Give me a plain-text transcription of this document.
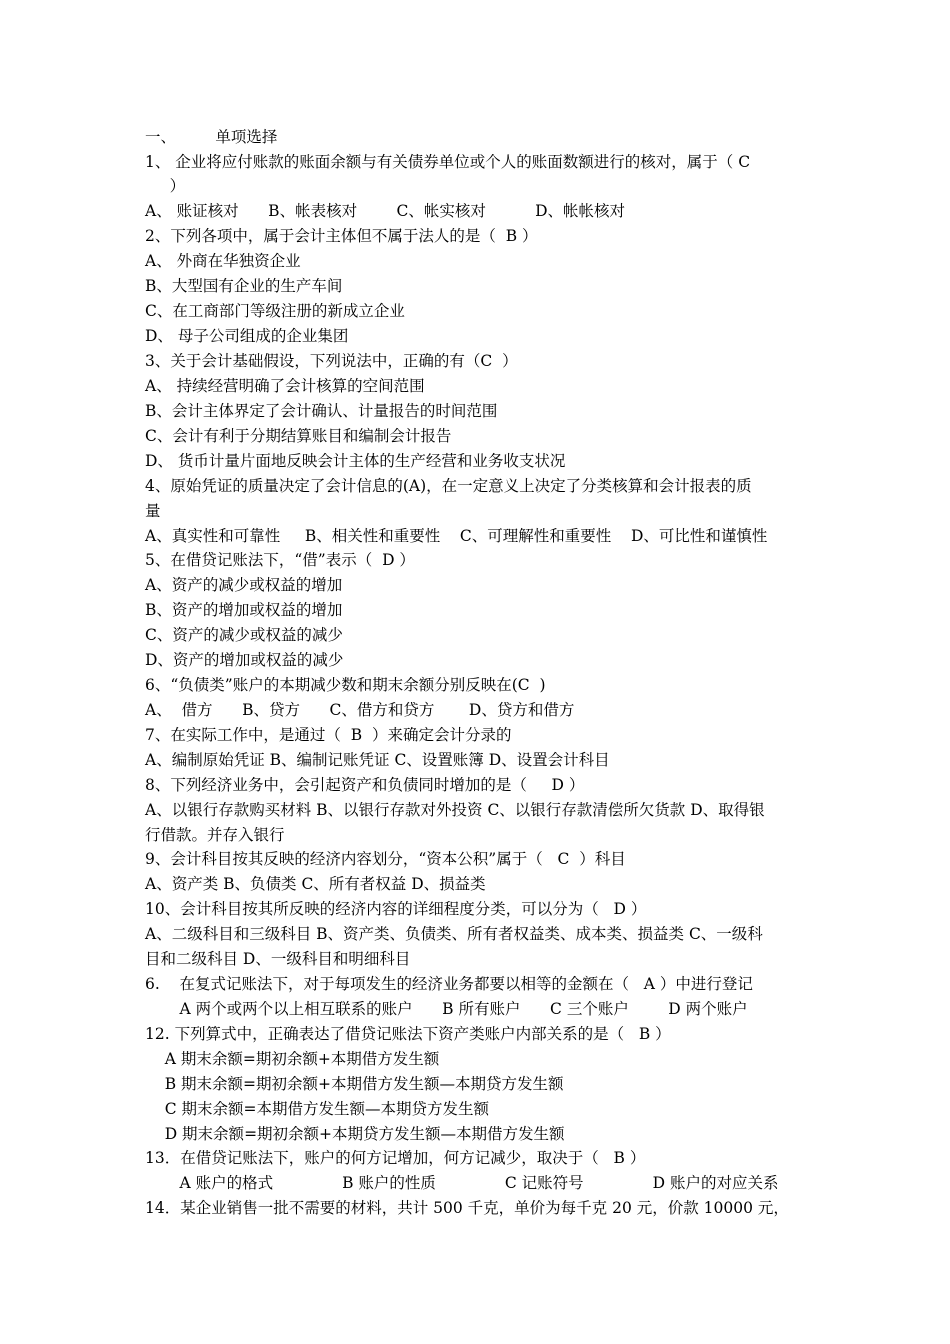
一、        单项选择
1、 企业将应付账款的账面余额与有关债券单位或个人的账面数额进行的核对，属于（ C
）
A、 账证核对      B、帐表核对        C、帐实核对          D、帐帐核对
2、下列各项中，属于会计主体但不属于法人的是（  B ）
A、 外商在华独资企业
B、大型国有企业的生产车间
C、在工商部门等级注册的新成立企业
D、 母子公司组成的企业集团
3、关于会计基础假设，下列说法中，正确的有（C  ）
A、 持续经营明确了会计核算的空间范围
B、会计主体界定了会计确认、计量报告的时间范围
C、会计有利于分期结算账目和编制会计报告
D、 货币计量片面地反映会计主体的生产经营和业务收支状况
4、原始凭证的质量决定了会计信息的(A)，在一定意义上决定了分类核算和会计报表的质
量
A、真实性和可靠性     B、相关性和重要性    C、可理解性和重要性    D、可比性和谨慎性
5、在借贷记账法下，“借”表示（  D ）
A、资产的减少或权益的增加
B、资产的增加或权益的增加
C、资产的减少或权益的减少
D、资产的增加或权益的减少
6、“负债类”账户的本期减少数和期末余额分别反映在(C  )
A、  借方      B、贷方      C、借方和贷方       D、贷方和借方
7、在实际工作中，是通过（  B  ）来确定会计分录的
A、编制原始凭证 B、编制记账凭证 C、设置账簿 D、设置会计科目
8、下列经济业务中，会引起资产和负债同时增加的是（     D ）
A、以银行存款购买材料 B、以银行存款对外投资 C、以银行存款清偿所欠货款 D、取得银
行借款。并存入银行
9、会计科目按其反映的经济内容划分，“资本公积”属于（   C  ）科目
A、资产类 B、负债类 C、所有者权益 D、损益类
10、会计科目按其所反映的经济内容的详细程度分类，可以分为（   D ）
A、二级科目和三级科目 B、资产类、负债类、所有者权益类、成本类、损益类 C、一级科
目和二级科目 D、一级科目和明细科目
6.    在复式记账法下，对于每项发生的经济业务都要以相等的金额在（   A ）中进行登记
A 两个或两个以上相互联系的账户      B 所有账户      C 三个账户        D 两个账户
12. 下列算式中，正确表达了借贷记账法下资产类账户内部关系的是（   B ）
A 期末余额=期初余额+本期借方发生额
B 期末余额=期初余额+本期借方发生额—本期贷方发生额
C 期末余额=本期借方发生额—本期贷方发生额
D 期末余额=期初余额+本期贷方发生额—本期借方发生额
13．在借贷记账法下，账户的何方记增加，何方记减少，取决于（   B ）
A 账户的格式              B 账户的性质              C 记账符号              D 账户的对应关系
14．某企业销售一批不需要的材料，共计 500 千克，单价为每千克 20 元，价款 10000 元，
